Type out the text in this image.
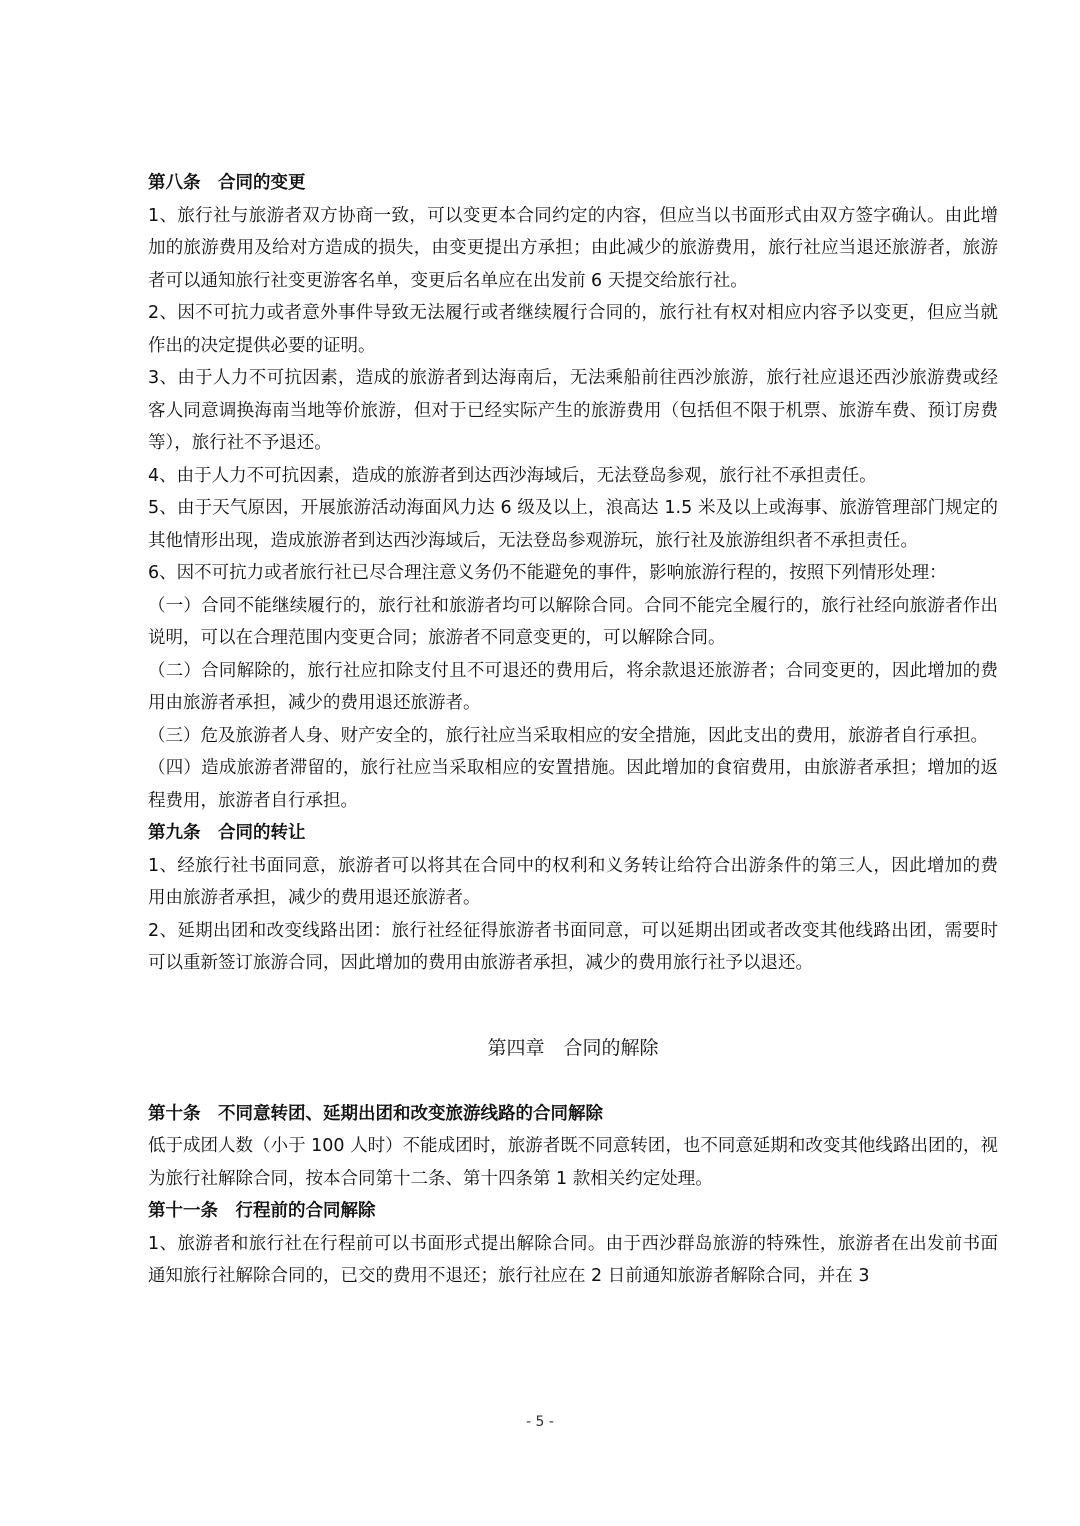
第八条　合同的变更

1、旅行社与旅游者双方协商一致，可以变更本合同约定的内容，但应当以书面形式由双方签字确认。由此增加的旅游费用及给对方造成的损失，由变更提出方承担；由此减少的旅游费用，旅行社应当退还旅游者，旅游者可以通知旅行社变更游客名单，变更后名单应在出发前 6 天提交给旅行社。

2、因不可抗力或者意外事件导致无法履行或者继续履行合同的，旅行社有权对相应内容予以变更，但应当就作出的决定提供必要的证明。

3、由于人力不可抗因素，造成的旅游者到达海南后，无法乘船前往西沙旅游，旅行社应退还西沙旅游费或经客人同意调换海南当地等价旅游，但对于已经实际产生的旅游费用（包括但不限于机票、旅游车费、预订房费等），旅行社不予退还。

4、由于人力不可抗因素，造成的旅游者到达西沙海域后，无法登岛参观，旅行社不承担责任。

5、由于天气原因，开展旅游活动海面风力达 6 级及以上，浪高达 1.5 米及以上或海事、旅游管理部门规定的其他情形出现，造成旅游者到达西沙海域后，无法登岛参观游玩，旅行社及旅游组织者不承担责任。

6、因不可抗力或者旅行社已尽合理注意义务仍不能避免的事件，影响旅游行程的，按照下列情形处理：

（一）合同不能继续履行的，旅行社和旅游者均可以解除合同。合同不能完全履行的，旅行社经向旅游者作出说明，可以在合理范围内变更合同；旅游者不同意变更的，可以解除合同。

（二）合同解除的，旅行社应扣除支付且不可退还的费用后，将余款退还旅游者；合同变更的，因此增加的费用由旅游者承担，减少的费用退还旅游者。

（三）危及旅游者人身、财产安全的，旅行社应当采取相应的安全措施，因此支出的费用，旅游者自行承担。

（四）造成旅游者滞留的，旅行社应当采取相应的安置措施。因此增加的食宿费用，由旅游者承担；增加的返程费用，旅游者自行承担。

第九条　合同的转让

1、经旅行社书面同意，旅游者可以将其在合同中的权利和义务转让给符合出游条件的第三人，因此增加的费用由旅游者承担，减少的费用退还旅游者。

2、延期出团和改变线路出团：旅行社经征得旅游者书面同意，可以延期出团或者改变其他线路出团，需要时可以重新签订旅游合同，因此增加的费用由旅游者承担，减少的费用旅行社予以退还。

第四章　合同的解除
第十条　不同意转团、延期出团和改变旅游线路的合同解除

低于成团人数（小于 100 人时）不能成团时，旅游者既不同意转团，也不同意延期和改变其他线路出团的，视为旅行社解除合同，按本合同第十二条、第十四条第 1 款相关约定处理。

第十一条　行程前的合同解除

1、旅游者和旅行社在行程前可以书面形式提出解除合同。由于西沙群岛旅游的特殊性，旅游者在出发前书面通知旅行社解除合同的，已交的费用不退还；旅行社应在 2 日前通知旅游者解除合同，并在 3

- 5 -
